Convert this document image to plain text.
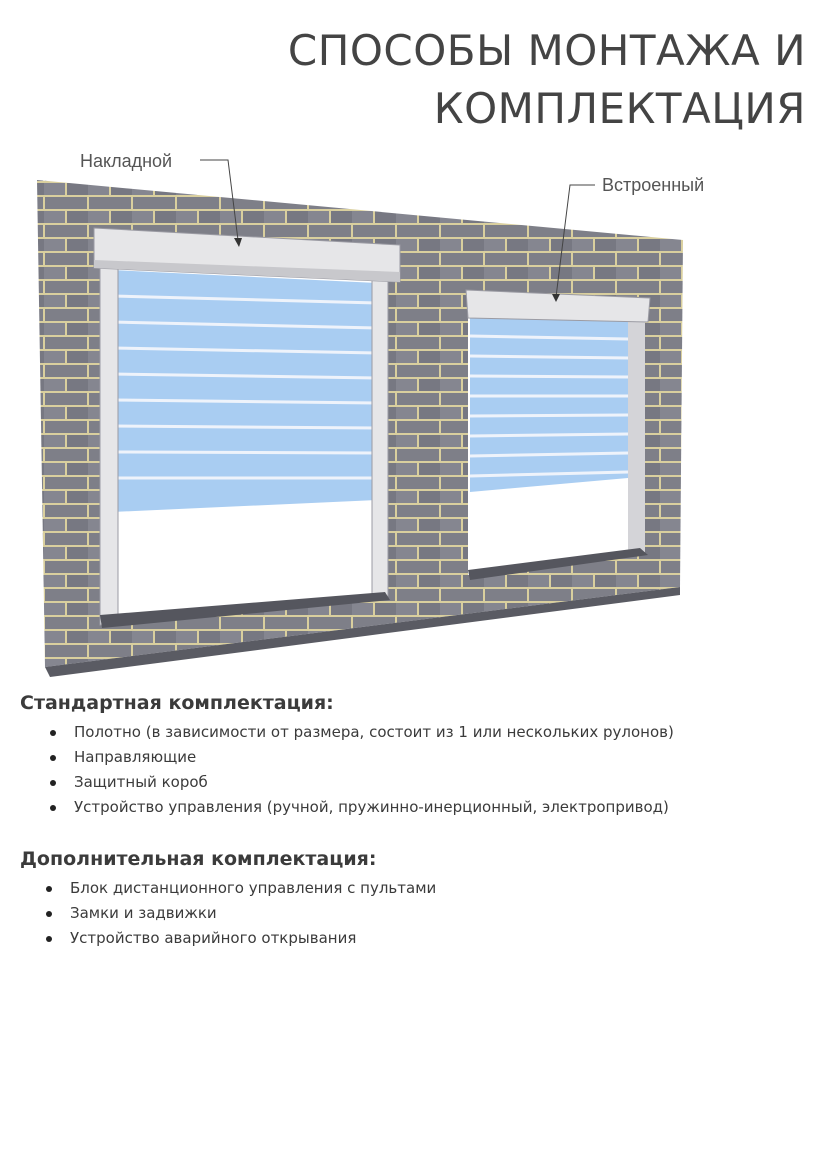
СПОСОБЫ МОНТАЖА И
КОМПЛЕКТАЦИЯ
Накладной
Встроенный
Стандартная комплектация:
Полотно (в зависимости от размера, состоит из 1 или нескольких рулонов)
Направляющие
Защитный короб
Устройство управления (ручной, пружинно-инерционный, электропривод)
Дополнительная комплектация:
Блок дистанционного управления с пультами
Замки и задвижки
Устройство аварийного открывания
